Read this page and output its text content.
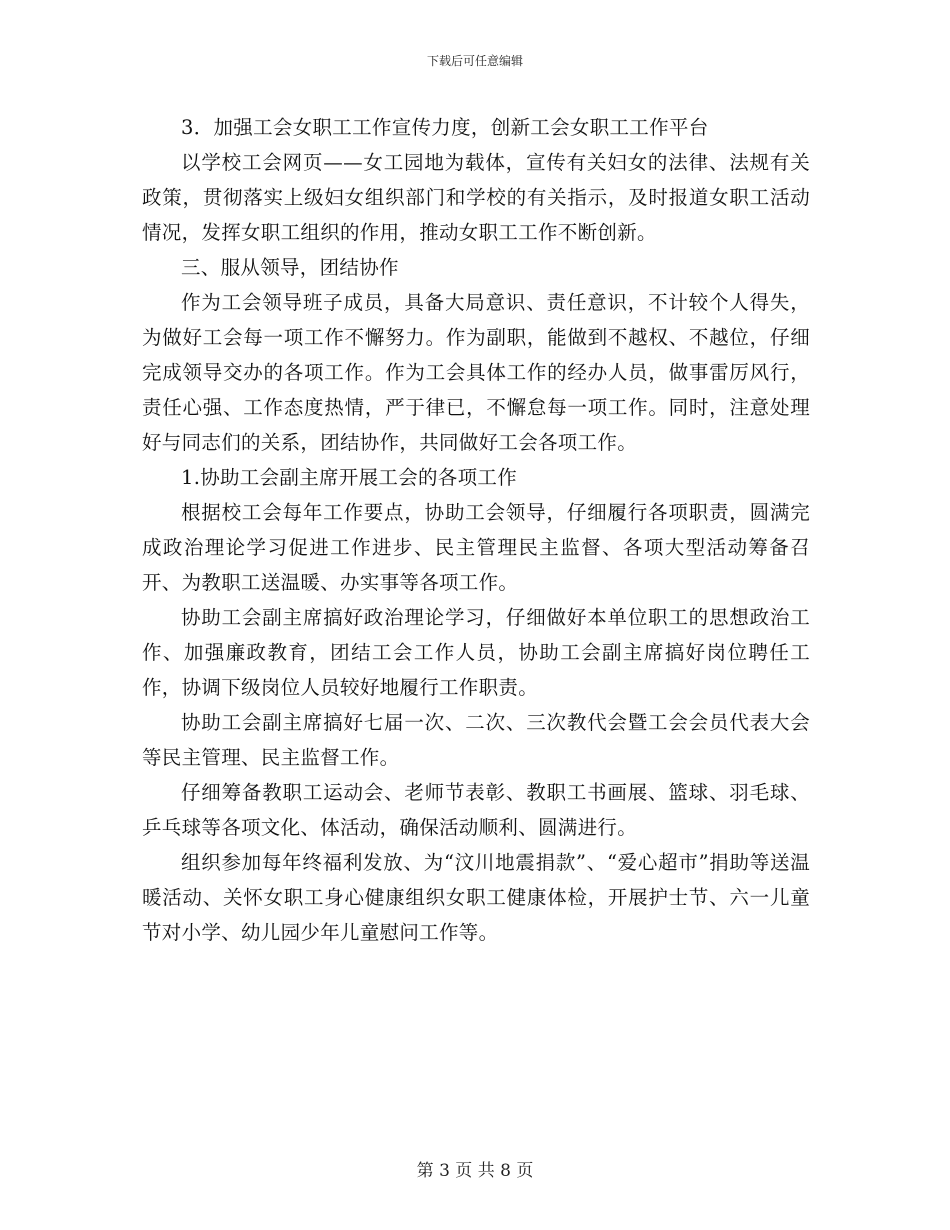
下载后可任意编辑

3．加强工会女职工工作宣传力度，创新工会女职工工作平台

以学校工会网页——女工园地为载体，宣传有关妇女的法律、法规有关政策，贯彻落实上级妇女组织部门和学校的有关指示，及时报道女职工活动情况，发挥女职工组织的作用，推动女职工工作不断创新。

三、服从领导，团结协作

作为工会领导班子成员，具备大局意识、责任意识，不计较个人得失，为做好工会每一项工作不懈努力。作为副职，能做到不越权、不越位，仔细完成领导交办的各项工作。作为工会具体工作的经办人员，做事雷厉风行，责任心强、工作态度热情，严于律已，不懈怠每一项工作。同时，注意处理好与同志们的关系，团结协作，共同做好工会各项工作。

1.协助工会副主席开展工会的各项工作

根据校工会每年工作要点，协助工会领导，仔细履行各项职责，圆满完成政治理论学习促进工作进步、民主管理民主监督、各项大型活动筹备召开、为教职工送温暖、办实事等各项工作。

协助工会副主席搞好政治理论学习，仔细做好本单位职工的思想政治工作、加强廉政教育，团结工会工作人员，协助工会副主席搞好岗位聘任工作，协调下级岗位人员较好地履行工作职责。

协助工会副主席搞好七届一次、二次、三次教代会暨工会会员代表大会等民主管理、民主监督工作。

仔细筹备教职工运动会、老师节表彰、教职工书画展、篮球、羽毛球、乒乓球等各项文化、体活动，确保活动顺利、圆满进行。

组织参加每年终福利发放、为“汶川地震捐款”、“爱心超市”捐助等送温暖活动、关怀女职工身心健康组织女职工健康体检，开展护士节、六一儿童节对小学、幼儿园少年儿童慰问工作等。

第 3 页 共 8 页
